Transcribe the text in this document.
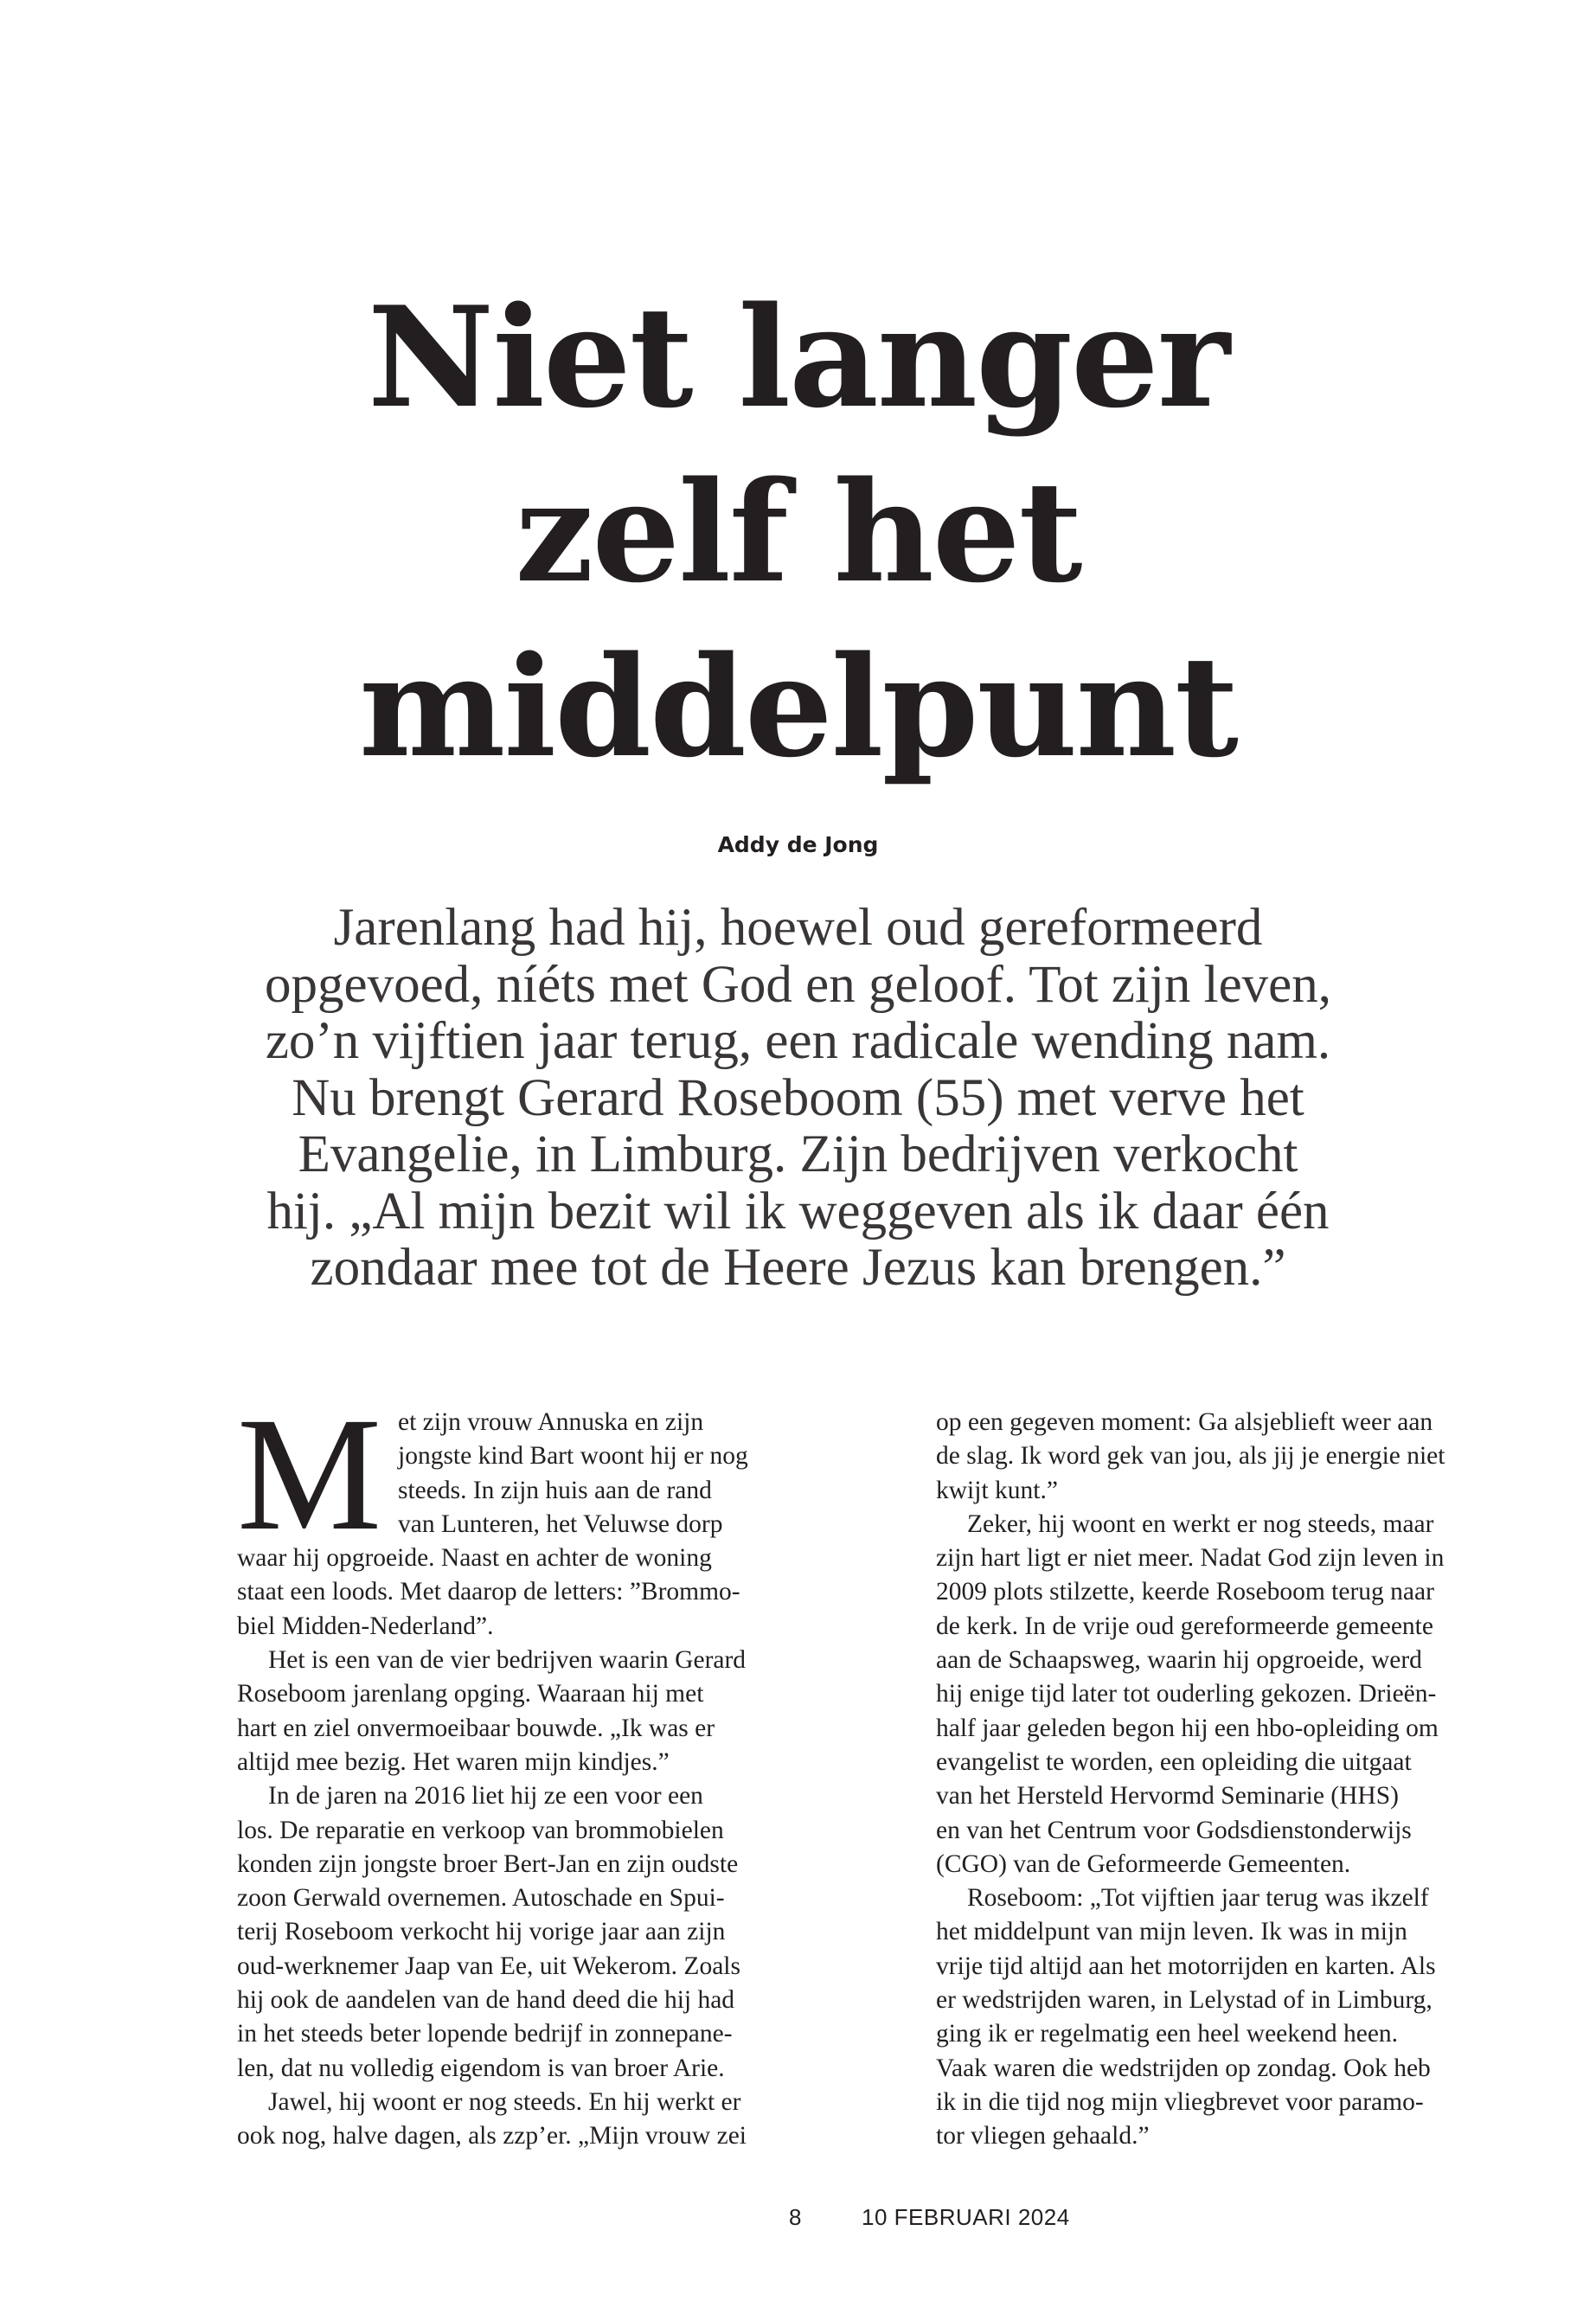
Niet langer
zelf het
middelpunt
Addy de Jong

Jarenlang had hij, hoewel oud gereformeerd
opgevoed, níéts met God en geloof. Tot zijn leven,
zo’n vijftien jaar terug, een radicale wending nam.
Nu brengt Gerard Roseboom (55) met verve het
Evangelie, in Limburg. Zijn bedrijven verkocht
hij. „Al mijn bezit wil ik weggeven als ik daar één
zondaar mee tot de Heere Jezus kan brengen.”

M et zijn vrouw Annuska en zijn
jongste kind Bart woont hij er nog
steeds. In zijn huis aan de rand
van Lunteren, het Veluwse dorp
waar hij opgroeide. Naast en achter de woning
staat een loods. Met daarop de letters: ”Brommo-
biel Midden-Nederland”.
Het is een van de vier bedrijven waarin Gerard
Roseboom jarenlang opging. Waaraan hij met
hart en ziel onvermoeibaar bouwde. „Ik was er
altijd mee bezig. Het waren mijn kindjes.”
In de jaren na 2016 liet hij ze een voor een
los. De reparatie en verkoop van brommobielen
konden zijn jongste broer Bert-Jan en zijn oudste
zoon Gerwald overnemen. Autoschade en Spui-
terij Roseboom verkocht hij vorige jaar aan zijn
oud-werknemer Jaap van Ee, uit Wekerom. Zoals
hij ook de aandelen van de hand deed die hij had
in het steeds beter lopende bedrijf in zonnepane-
len, dat nu volledig eigendom is van broer Arie.
Jawel, hij woont er nog steeds. En hij werkt er
ook nog, halve dagen, als zzp’er. „Mijn vrouw zei
op een gegeven moment: Ga alsjeblieft weer aan
de slag. Ik word gek van jou, als jij je energie niet
kwijt kunt.”
Zeker, hij woont en werkt er nog steeds, maar
zijn hart ligt er niet meer. Nadat God zijn leven in
2009 plots stilzette, keerde Roseboom terug naar
de kerk. In de vrije oud gereformeerde gemeente
aan de Schaapsweg, waarin hij opgroeide, werd
hij enige tijd later tot ouderling gekozen. Drieën-
half jaar geleden begon hij een hbo-opleiding om
evangelist te worden, een opleiding die uitgaat
van het Hersteld Hervormd Seminarie (HHS)
en van het Centrum voor Godsdienstonderwijs
(CGO) van de Geformeerde Gemeenten.
Roseboom: „Tot vijftien jaar terug was ikzelf
het middelpunt van mijn leven. Ik was in mijn
vrije tijd altijd aan het motorrijden en karten. Als
er wedstrijden waren, in Lelystad of in Limburg,
ging ik er regelmatig een heel weekend heen.
Vaak waren die wedstrijden op zondag. Ook heb
ik in die tijd nog mijn vliegbrevet voor paramo-
tor vliegen gehaald.”
8	10 FEBRUARI 2024
